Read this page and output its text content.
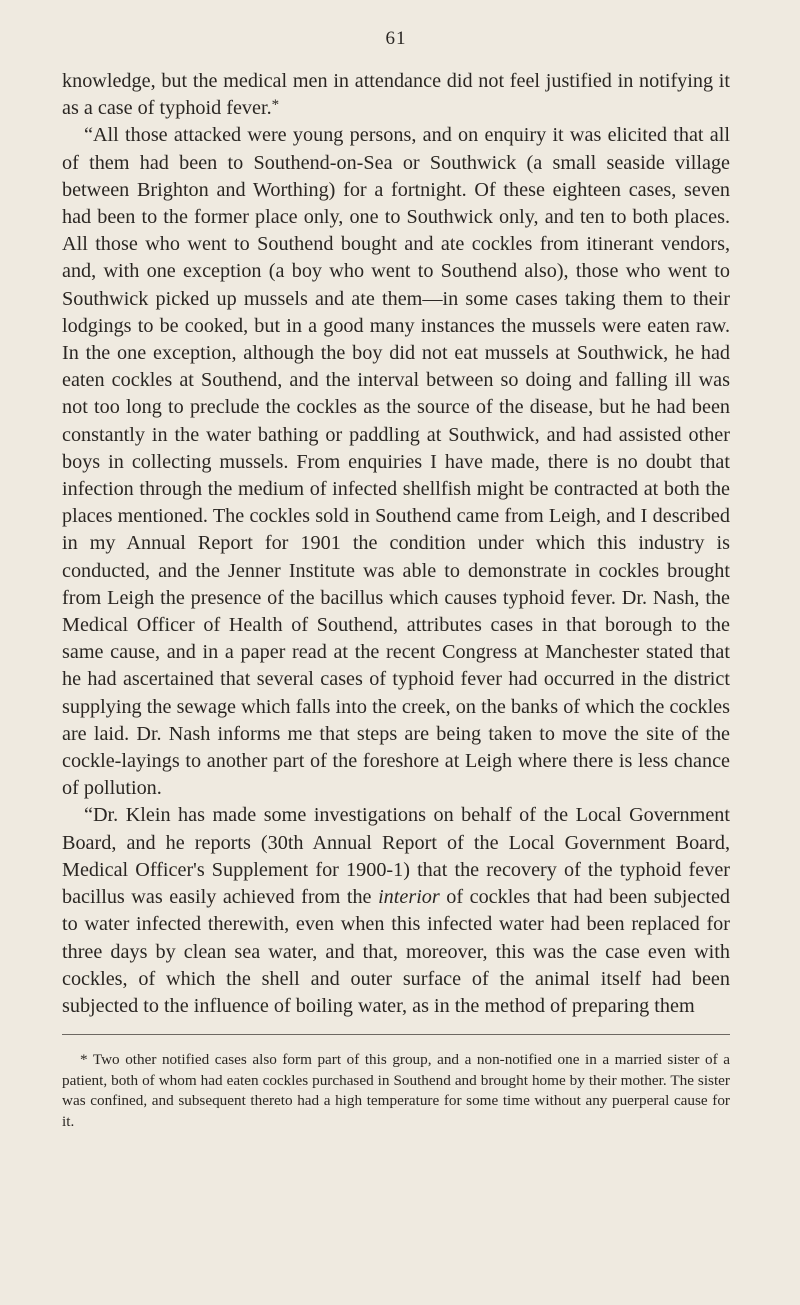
61

knowledge, but the medical men in attendance did not feel justified in notifying it as a case of typhoid fever.*

“All those attacked were young persons, and on enquiry it was elicited that all of them had been to Southend-on-Sea or Southwick (a small seaside village between Brighton and Worthing) for a fortnight. Of these eighteen cases, seven had been to the former place only, one to Southwick only, and ten to both places. All those who went to Southend bought and ate cockles from itinerant vendors, and, with one exception (a boy who went to Southend also), those who went to Southwick picked up mussels and ate them—in some cases taking them to their lodgings to be cooked, but in a good many instances the mussels were eaten raw. In the one exception, although the boy did not eat mussels at Southwick, he had eaten cockles at Southend, and the interval between so doing and falling ill was not too long to preclude the cockles as the source of the disease, but he had been constantly in the water bathing or paddling at Southwick, and had assisted other boys in collecting mussels. From enquiries I have made, there is no doubt that infection through the medium of infected shellfish might be contracted at both the places mentioned. The cockles sold in Southend came from Leigh, and I described in my Annual Report for 1901 the condition under which this industry is conducted, and the Jenner Institute was able to demonstrate in cockles brought from Leigh the presence of the bacillus which causes typhoid fever. Dr. Nash, the Medical Officer of Health of Southend, attributes cases in that borough to the same cause, and in a paper read at the recent Congress at Manchester stated that he had ascertained that several cases of typhoid fever had occurred in the district supplying the sewage which falls into the creek, on the banks of which the cockles are laid. Dr. Nash informs me that steps are being taken to move the site of the cockle-layings to another part of the foreshore at Leigh where there is less chance of pollution.

“Dr. Klein has made some investigations on behalf of the Local Government Board, and he reports (30th Annual Report of the Local Government Board, Medical Officer's Supplement for 1900-1) that the recovery of the typhoid fever bacillus was easily achieved from the interior of cockles that had been subjected to water infected therewith, even when this infected water had been replaced for three days by clean sea water, and that, moreover, this was the case even with cockles, of which the shell and outer surface of the animal itself had been subjected to the influence of boiling water, as in the method of preparing them

* Two other notified cases also form part of this group, and a non-notified one in a married sister of a patient, both of whom had eaten cockles purchased in Southend and brought home by their mother. The sister was confined, and subsequent thereto had a high temperature for some time without any puerperal cause for it.
